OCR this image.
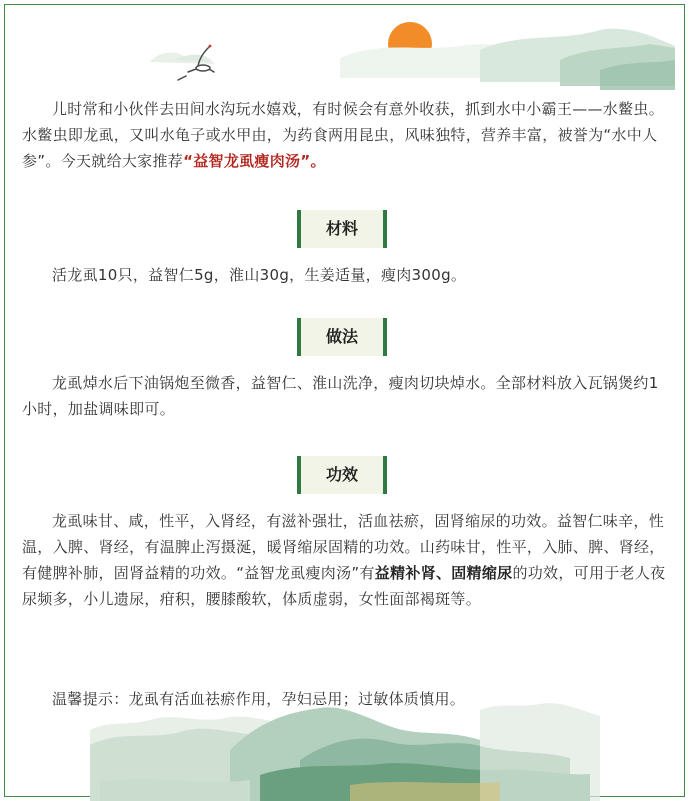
儿时常和小伙伴去田间水沟玩水嬉戏，有时候会有意外收获，抓到水中小霸王——水鳖虫。水鳖虫即龙虱，又叫水龟子或水甲由，为药食两用昆虫，风味独特，营养丰富，被誉为“水中人参”。今天就给大家推荐“益智龙虱瘦肉汤”。

材料

活龙虱10只，益智仁5g，淮山30g，生姜适量，瘦肉300g。

做法

龙虱焯水后下油锅炮至微香，益智仁、淮山洗净，瘦肉切块焯水。全部材料放入瓦锅煲约1小时，加盐调味即可。

功效

龙虱味甘、咸，性平，入肾经，有滋补强壮，活血祛瘀，固肾缩尿的功效。益智仁味辛，性温，入脾、肾经，有温脾止泻摄涎，暖肾缩尿固精的功效。山药味甘，性平，入肺、脾、肾经，有健脾补肺，固肾益精的功效。“益智龙虱瘦肉汤”有益精补肾、固精缩尿的功效，可用于老人夜尿频多，小儿遗尿，疳积，腰膝酸软，体质虚弱，女性面部褐斑等。

温馨提示：龙虱有活血祛瘀作用，孕妇忌用；过敏体质慎用。
